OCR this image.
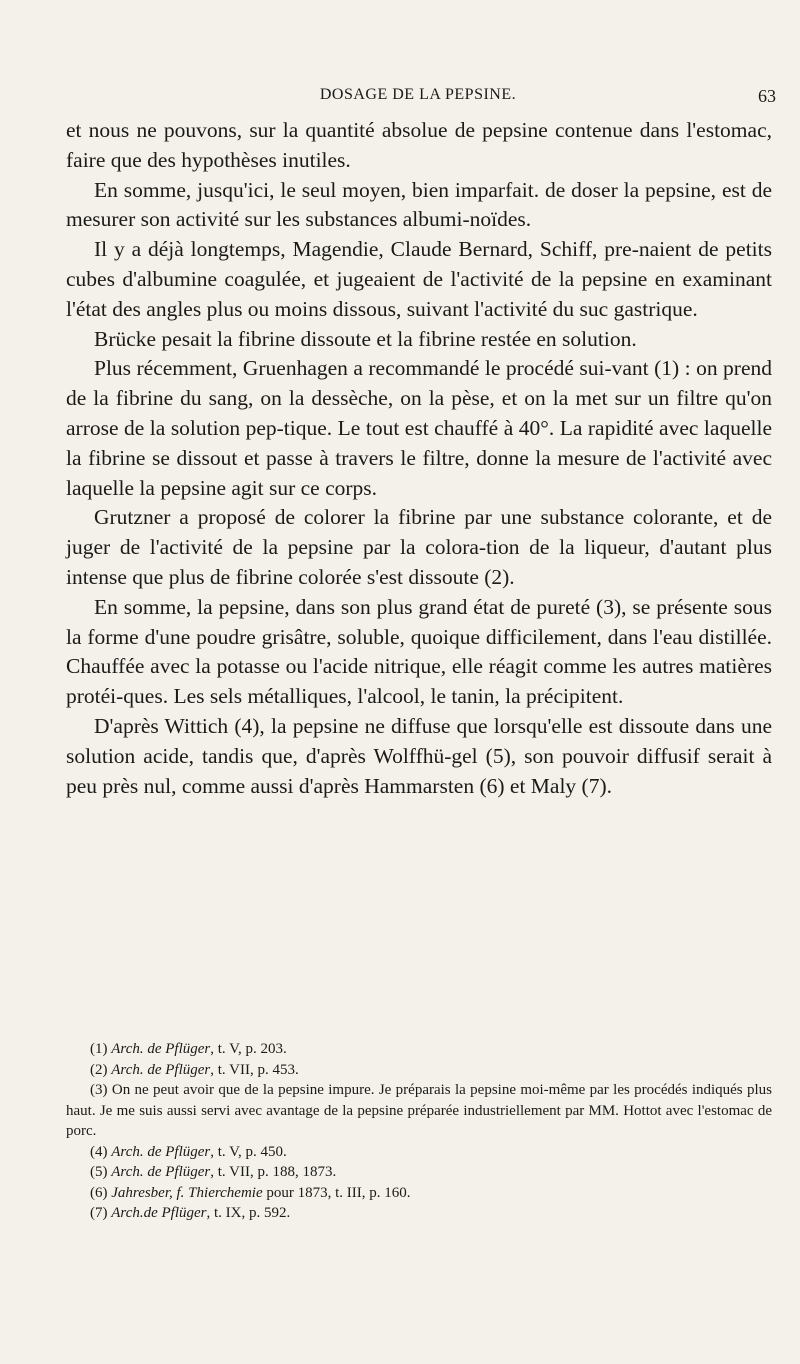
DOSAGE DE LA PEPSINE.	63

et nous ne pouvons, sur la quantité absolue de pepsine contenue dans l'estomac, faire que des hypothèses inutiles.

En somme, jusqu'ici, le seul moyen, bien imparfait. de doser la pepsine, est de mesurer son activité sur les substances albumi-noïdes.

Il y a déjà longtemps, Magendie, Claude Bernard, Schiff, pre-naient de petits cubes d'albumine coagulée, et jugeaient de l'activité de la pepsine en examinant l'état des angles plus ou moins dissous, suivant l'activité du suc gastrique.

Brücke pesait la fibrine dissoute et la fibrine restée en solution.

Plus récemment, Gruenhagen a recommandé le procédé sui-vant (1) : on prend de la fibrine du sang, on la dessèche, on la pèse, et on la met sur un filtre qu'on arrose de la solution pep-tique. Le tout est chauffé à 40°. La rapidité avec laquelle la fibrine se dissout et passe à travers le filtre, donne la mesure de l'activité avec laquelle la pepsine agit sur ce corps.

Grutzner a proposé de colorer la fibrine par une substance colorante, et de juger de l'activité de la pepsine par la colora-tion de la liqueur, d'autant plus intense que plus de fibrine colorée s'est dissoute (2).

En somme, la pepsine, dans son plus grand état de pureté (3), se présente sous la forme d'une poudre grisâtre, soluble, quoique difficilement, dans l'eau distillée. Chauffée avec la potasse ou l'acide nitrique, elle réagit comme les autres matières protéi-ques. Les sels métalliques, l'alcool, le tanin, la précipitent.

D'après Wittich (4), la pepsine ne diffuse que lorsqu'elle est dissoute dans une solution acide, tandis que, d'après Wolffhü-gel (5), son pouvoir diffusif serait à peu près nul, comme aussi d'après Hammarsten (6) et Maly (7).

(1) Arch. de Pflüger, t. V, p. 203.

(2) Arch. de Pflüger, t. VII, p. 453.

(3) On ne peut avoir que de la pepsine impure. Je préparais la pepsine moi-même par les procédés indiqués plus haut. Je me suis aussi servi avec avantage de la pepsine préparée industriellement par MM. Hottot avec l'estomac de porc.

(4) Arch. de Pflüger, t. V, p. 450.

(5) Arch. de Pflüger, t. VII, p. 188, 1873.

(6) Jahresber, f. Thierchemie pour 1873, t. III, p. 160.

(7) Arch.de Pflüger, t. IX, p. 592.
